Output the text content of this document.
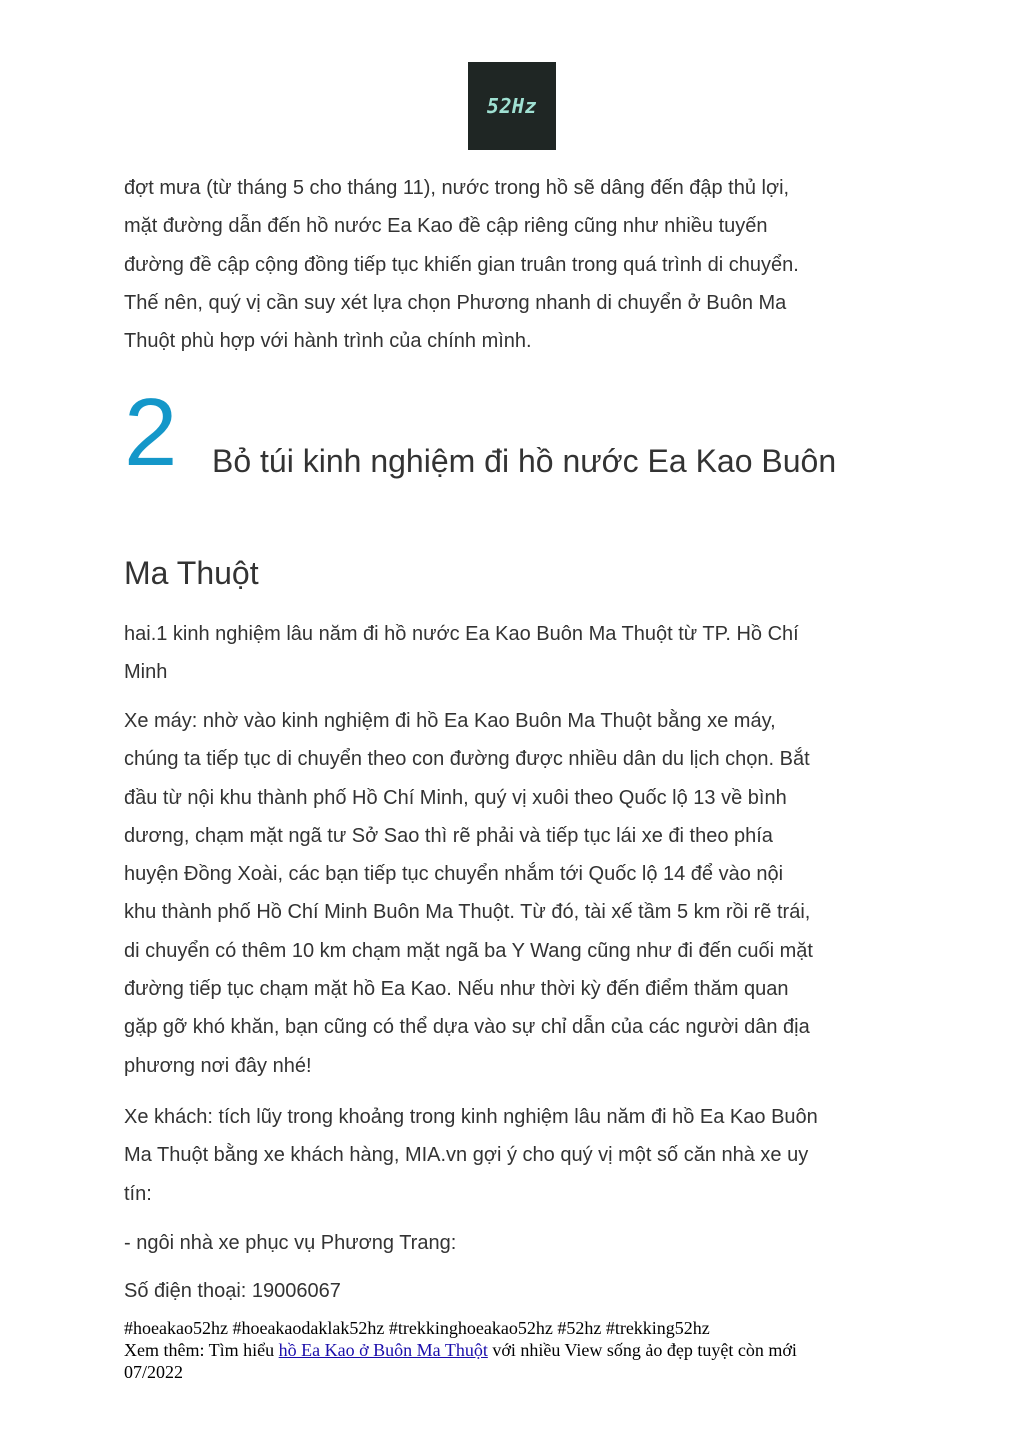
52Hz

đợt mưa (từ tháng 5 cho tháng 11), nước trong hồ sẽ dâng đến đập thủ lợi,

mặt đường dẫn đến hồ nước Ea Kao đề cập riêng cũng như nhiều tuyến

đường đề cập cộng đồng tiếp tục khiến gian truân trong quá trình di chuyển.

Thế nên, quý vị cần suy xét lựa chọn Phương nhanh di chuyển ở Buôn Ma

Thuột phù hợp với hành trình của chính mình.

2 Bỏ túi kinh nghiệm đi hồ nước Ea Kao Buôn
Ma Thuột

hai.1 kinh nghiệm lâu năm đi hồ nước Ea Kao Buôn Ma Thuột từ TP. Hồ Chí

Minh

Xe máy: nhờ vào kinh nghiệm đi hồ Ea Kao Buôn Ma Thuột bằng xe máy,

chúng ta tiếp tục di chuyển theo con đường được nhiều dân du lịch chọn. Bắt

đầu từ nội khu thành phố Hồ Chí Minh, quý vị xuôi theo Quốc lộ 13 về bình

dương, chạm mặt ngã tư Sở Sao thì rẽ phải và tiếp tục lái xe đi theo phía

huyện Đồng Xoài, các bạn tiếp tục chuyển nhắm tới Quốc lộ 14 để vào nội

khu thành phố Hồ Chí Minh Buôn Ma Thuột. Từ đó, tài xế tầm 5 km rồi rẽ trái,

di chuyển có thêm 10 km chạm mặt ngã ba Y Wang cũng như đi đến cuối mặt

đường tiếp tục chạm mặt hồ Ea Kao. Nếu như thời kỳ đến điểm thăm quan

gặp gỡ khó khăn, bạn cũng có thể dựa vào sự chỉ dẫn của các người dân địa

phương nơi đây nhé!

Xe khách: tích lũy trong khoảng trong kinh nghiệm lâu năm đi hồ Ea Kao Buôn

Ma Thuột bằng xe khách hàng, MIA.vn gợi ý cho quý vị một số căn nhà xe uy

tín:

- ngôi nhà xe phục vụ Phương Trang:

Số điện thoại: 19006067

#hoeakao52hz #hoeakaodaklak52hz #trekkinghoeakao52hz #52hz #trekking52hz
Xem thêm: Tìm hiểu hồ Ea Kao ở Buôn Ma Thuột với nhiều View sống ảo đẹp tuyệt còn mới
07/2022
